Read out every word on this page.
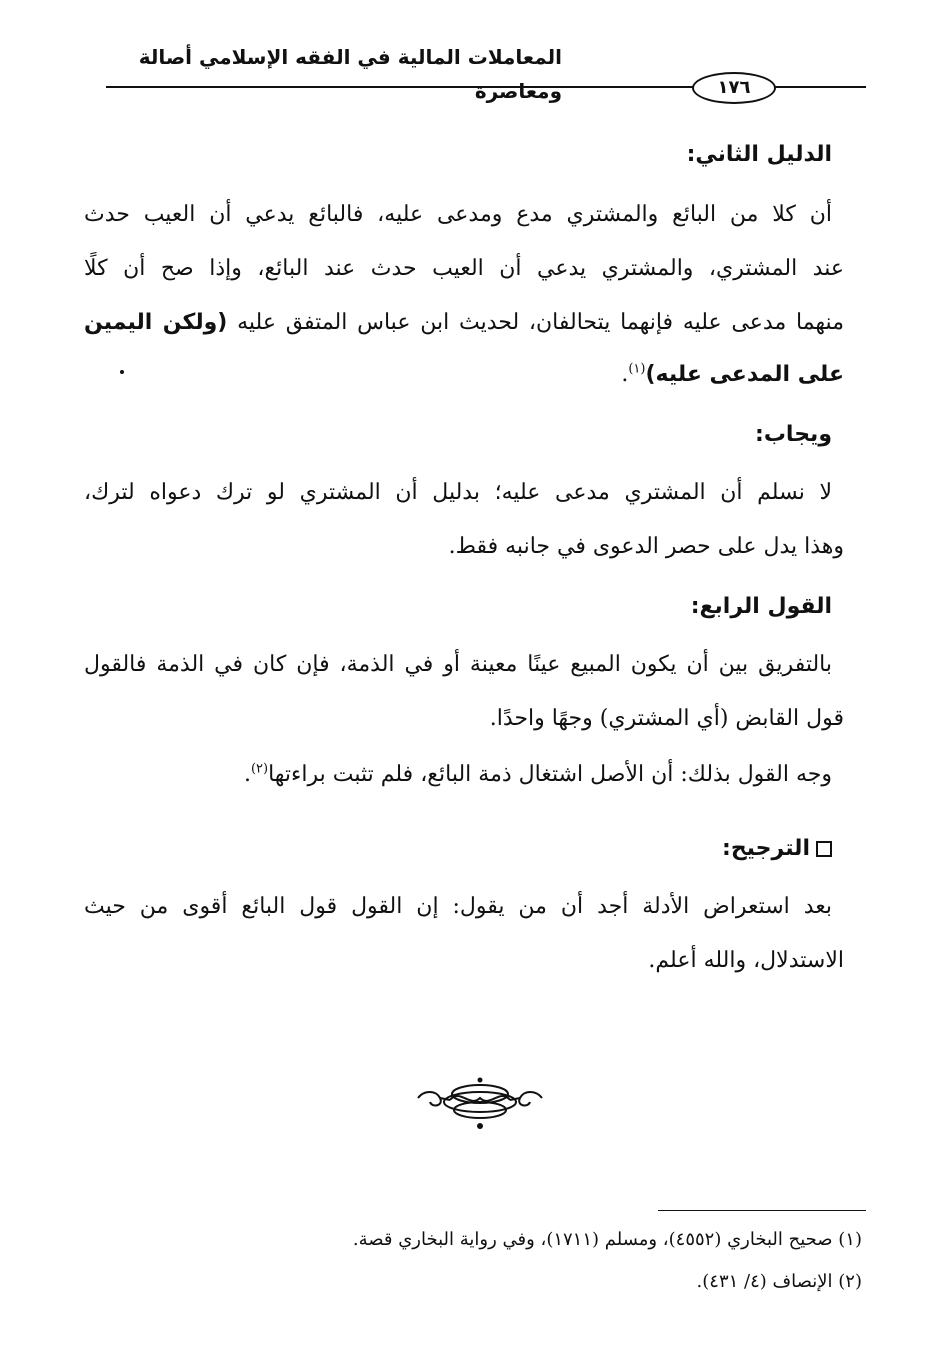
المعاملات المالية في الفقه الإسلامي أصالة ومعاصرة	١٧٦
الدليل الثاني:
أن كلا من البائع والمشتري مدع ومدعى عليه، فالبائع يدعي أن العيب حدث
عند المشتري، والمشتري يدعي أن العيب حدث عند البائع، وإذا صح أن كلًا
منهما مدعى عليه فإنهما يتحالفان، لحديث ابن عباس المتفق عليه (ولكن اليمين
على المدعى عليه)$^{(١)}$.
ويجاب:
لا نسلم أن المشتري مدعى عليه؛ بدليل أن المشتري لو ترك دعواه لترك،
وهذا يدل على حصر الدعوى في جانبه فقط.
القول الرابع:
بالتفريق بين أن يكون المبيع عينًا معينة أو في الذمة، فإن كان في الذمة فالقول
قول القابض (أي المشتري) وجهًا واحدًا.
وجه القول بذلك: أن الأصل اشتغال ذمة البائع، فلم تثبت براءتها$^{(٢)}$.
الترجيح:
بعد استعراض الأدلة أجد أن من يقول: إن القول قول البائع أقوى من حيث
الاستدلال، والله أعلم.
(١) صحيح البخاري (٤٥٥٢)، ومسلم (١٧١١)، وفي رواية البخاري قصة.
(٢) الإنصاف (٤/ ٤٣١).
